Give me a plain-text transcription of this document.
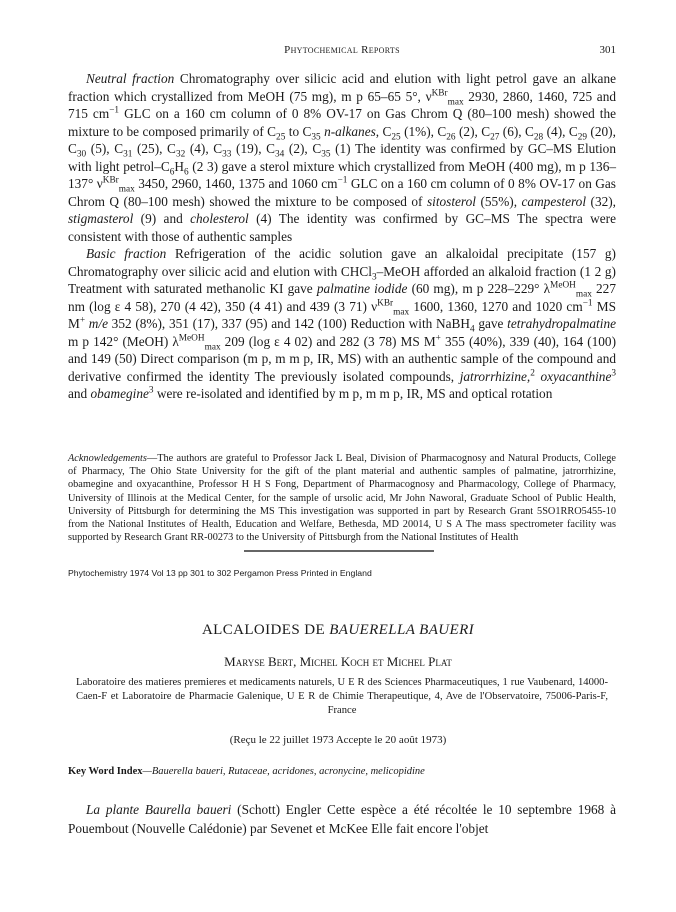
Phytochemical Reports	301

Neutral fraction Chromatography over silicic acid and elution with light petrol gave an alkane fraction which crystallized from MeOH (75 mg), m p 65–65 5°, $\nu^{KBr}_{max}$ 2930, 2860, 1460, 725 and 715 $cm^{-1}$ GLC on a 160 cm column of 0 8% OV-17 on Gas Chrom Q (80–100 mesh) showed the mixture to be composed primarily of $C_{25}$ to $C_{35}$ n-alkanes, $C_{25}$ (1%), $C_{26}$ (2), $C_{27}$ (6), $C_{28}$ (4), $C_{29}$ (20), $C_{30}$ (5), $C_{31}$ (25), $C_{32}$ (4), $C_{33}$ (19), $C_{34}$ (2), $C_{35}$ (1) The identity was confirmed by GC–MS Elution with light petrol–$C_6H_6$ (2 3) gave a sterol mixture which crystallized from MeOH (400 mg), m p 136–137° $\nu^{KBr}_{max}$ 3450, 2960, 1460, 1375 and 1060 $cm^{-1}$ GLC on a 160 cm column of 0 8% OV-17 on Gas Chrom Q (80–100 mesh) showed the mixture to be composed of sitosterol (55%), campesterol (32), stigmasterol (9) and cholesterol (4) The identity was confirmed by GC–MS The spectra were consistent with those of authentic samples

Basic fraction Refrigeration of the acidic solution gave an alkaloidal precipitate (157 g) Chromatography over silicic acid and elution with CHCl$_3$–MeOH afforded an alkaloid fraction (1 2 g) Treatment with saturated methanolic KI gave palmatine iodide (60 mg), m p 228–229° $\lambda^{MeOH}_{max}$ 227 nm (log ε 4 58), 270 (4 42), 350 (4 41) and 439 (3 71) $\nu^{KBr}_{max}$ 1600, 1360, 1270 and 1020 $cm^{-1}$ MS M+ m/e 352 (8%), 351 (17), 337 (95) and 142 (100) Reduction with NaBH$_4$ gave tetrahydropalmatine m p 142° (MeOH) $\lambda^{MeOH}_{max}$ 209 (log ε 4 02) and 282 (3 78) MS M+ 355 (40%), 339 (40), 164 (100) and 149 (50) Direct comparison (m p, m m p, IR, MS) with an authentic sample of the compound and derivative confirmed the identity The previously isolated compounds, jatrorrhizine,$^2$ oxyacanthine$^3$ and obamegine$^3$ were re-isolated and identified by m p, m m p, IR, MS and optical rotation

Acknowledgements—The authors are grateful to Professor Jack L Beal, Division of Pharmacognosy and Natural Products, College of Pharmacy, The Ohio State University for the gift of the plant material and authentic samples of palmatine, jatrorrhizine, obamegine and oxyacanthine, Professor H H S Fong, Department of Pharmacognosy and Pharmacology, College of Pharmacy, University of Illinois at the Medical Center, for the sample of ursolic acid, Mr John Naworal, Graduate School of Public Health, University of Pittsburgh for determining the MS This investigation was supported in part by Research Grant 5SO1RRO5455-10 from the National Institutes of Health, Education and Welfare, Bethesda, MD 20014, U S A The mass spectrometer facility was supported by Research Grant RR-00273 to the University of Pittsburgh from the National Institutes of Health

Phytochemistry 1974 Vol 13 pp 301 to 302 Pergamon Press Printed in England
ALCALOIDES DE BAUERELLA BAUERI
Maryse Bert, Michel Koch et Michel Plat
Laboratoire des matieres premieres et medicaments naturels, U E R des Sciences Pharmaceutiques, 1 rue Vaubenard, 14000-Caen-F et Laboratoire de Pharmacie Galenique, U E R de Chimie Therapeutique, 4, Ave de l'Observatoire, 75006-Paris-F, France
(Reçu le 22 juillet 1973 Accepte le 20 août 1973)
Key Word Index—Bauerella baueri, Rutaceae, acridones, acronycine, melicopidine

La plante Baurella baueri (Schott) Engler Cette espèce a été récoltée le 10 septembre 1968 à Pouembout (Nouvelle Calédonie) par Sevenet et McKee Elle fait encore l'objet
